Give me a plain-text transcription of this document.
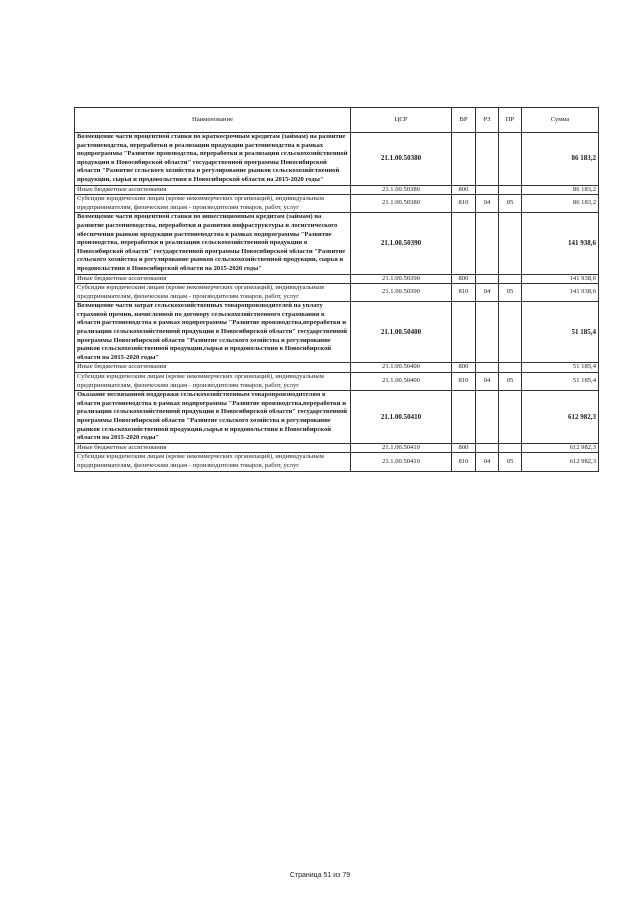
Наименование	ЦСР	ВР	РЗ	ПР	Сумма
Возмещение части процентной ставки по краткосрочным кредитам (займам) на развитие растениеводства, переработки и реализации продукции растениеводства в рамках подпрограммы "Развитие производства, переработки и реализации сельскохозяйственной продукции в Новосибирской области" государственной программы Новосибирской области "Развитие сельского хозяйства и регулирование рынков сельскохозяйственной продукции, сырья и продовольствия в Новосибирской области на 2015-2020 годы"	21.1.00.50380				86 183,2
Иные бюджетные ассигнования	21.1.00.50380	800			86 183,2
Субсидии юридическим лицам (кроме некоммерческих организаций), индивидуальным предпринимателям, физическим лицам - производителям товаров, работ, услуг	21.1.00.50380	810	04	05	86 183,2
Возмещение части процентной ставки по инвестиционным кредитам (займам) на развитие растениеводства, переработки и развития инфраструктуры и логистического обеспечения рынков продукции растениеводства в рамках подпрограммы "Развитие производства, переработки и реализации сельскохозяйственной продукции в Новосибирской области" государственной программы Новосибирской области "Развитие сельского хозяйства и регулирование рынков сельскохозяйственной продукции, сырья и продовольствия в Новосибирской области на 2015-2020 годы"	21.1.00.50390				141 938,6
Иные бюджетные ассигнования	21.1.00.50390	800			141 938,6
Субсидии юридическим лицам (кроме некоммерческих организаций), индивидуальным предпринимателям, физическим лицам - производителям товаров, работ, услуг	21.1.00.50390	810	04	05	141 938,6
Возмещение части затрат сельскохозяйственных товаропроизводителей на уплату страховой премии, начисленной по договору сельскохозяйственного страхования в области растениеводства в рамках подпрограммы "Развитие производства,переработки и реализации сельскохозяйственной продукции в Новосибирской области" государственной программы Новосибирской области "Развитие сельского хозяйства и регулирование рынков сельскохозяйственной продукции,сырья и продовольствия в Новосибирской области на 2015-2020 годы"	21.1.00.50400				51 185,4
Иные бюджетные ассигнования	21.1.00.50400	800			51 185,4
Субсидии юридическим лицам (кроме некоммерческих организаций), индивидуальным предпринимателям, физическим лицам - производителям товаров, работ, услуг	21.1.00.50400	810	04	05	51 185,4
Оказание несвязанной поддержки сельскохозяйственным товаропроизводителям в области растениеводства в рамках подпрограммы "Развитие производства,переработки и реализации сельскохозяйственной продукции в Новосибирской области" государственной программы Новосибирской области "Развитие сельского хозяйства и регулирование рынков сельскохозяйственной продукции,сырья и продовольствия в Новосибирской области на 2015-2020 годы"	21.1.00.50410				612 982,3
Иные бюджетные ассигнования	21.1.00.50410	800			612 982,3
Субсидии юридическим лицам (кроме некоммерческих организаций), индивидуальным предпринимателям, физическим лицам - производителям товаров, работ, услуг	21.1.00.50410	810	04	05	612 982,3
Страница 51 из 79
